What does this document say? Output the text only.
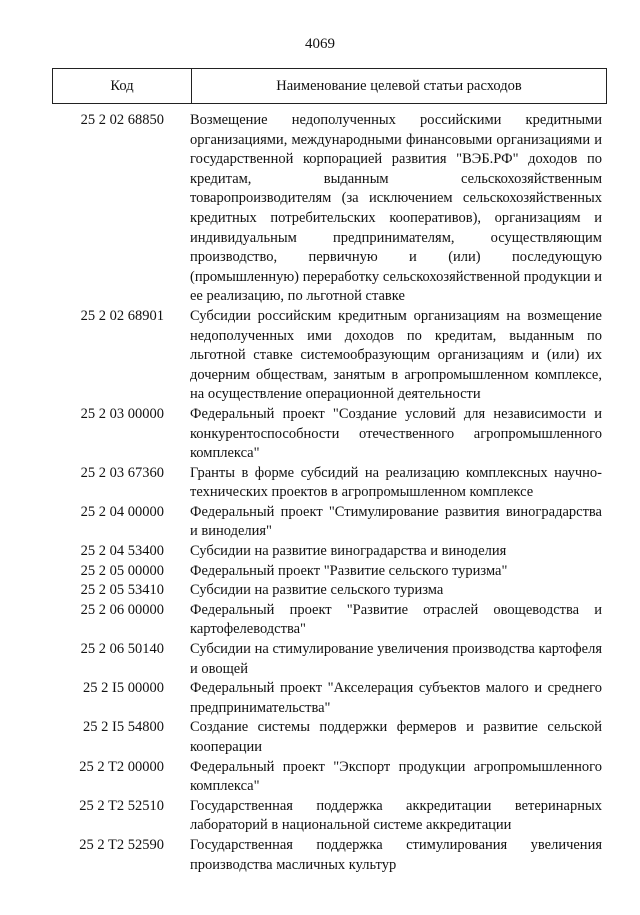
4069
Код	Наименование целевой статьи расходов
25 2 02 68850	Возмещение недополученных российскими кредитными организациями, международными финансовыми организациями и государственной корпорацией развития "ВЭБ.РФ" доходов по кредитам, выданным сельскохозяйственным товаропроизводителям (за исключением сельскохозяйственных кредитных потребительских кооперативов), организациям и индивидуальным предпринимателям, осуществляющим производство, первичную и (или) последующую (промышленную) переработку сельскохозяйственной продукции и ее реализацию, по льготной ставке
25 2 02 68901	Субсидии российским кредитным организациям на возмещение недополученных ими доходов по кредитам, выданным по льготной ставке системообразующим организациям и (или) их дочерним обществам, занятым в агропромышленном комплексе, на осуществление операционной деятельности
25 2 03 00000	Федеральный проект "Создание условий для независимости и конкурентоспособности отечественного агропромышленного комплекса"
25 2 03 67360	Гранты в форме субсидий на реализацию комплексных научно-технических проектов в агропромышленном комплексе
25 2 04 00000	Федеральный проект "Стимулирование развития виноградарства и виноделия"
25 2 04 53400	Субсидии на развитие виноградарства и виноделия
25 2 05 00000	Федеральный проект "Развитие сельского туризма"
25 2 05 53410	Субсидии на развитие сельского туризма
25 2 06 00000	Федеральный проект "Развитие отраслей овощеводства и картофелеводства"
25 2 06 50140	Субсидии на стимулирование увеличения производства картофеля и овощей
25 2 I5 00000	Федеральный проект "Акселерация субъектов малого и среднего предпринимательства"
25 2 I5 54800	Создание системы поддержки фермеров и развитие сельской кооперации
25 2 T2 00000	Федеральный проект "Экспорт продукции агропромышленного комплекса"
25 2 T2 52510	Государственная поддержка аккредитации ветеринарных лабораторий в национальной системе аккредитации
25 2 T2 52590	Государственная поддержка стимулирования увеличения производства масличных культур
